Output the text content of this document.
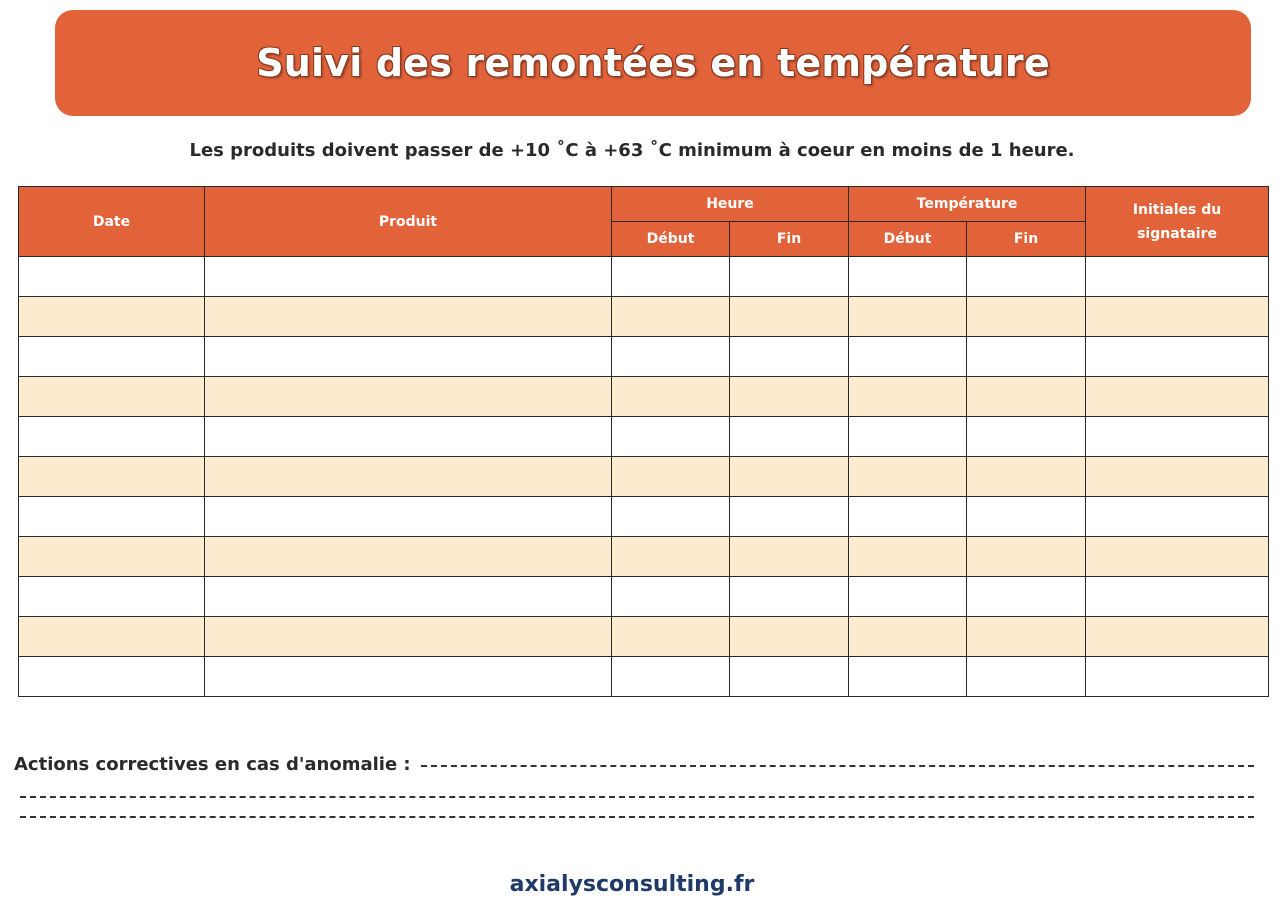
Suivi des remontées en température
Les produits doivent passer de +10 ˚C à +63 ˚C minimum à coeur en moins de 1 heure.
Date	Produit	Heure		Température		Initiales du signataire
		Début	Fin	Début	Fin	

Actions correctives en cas d'anomalie :
axialysconsulting.fr
